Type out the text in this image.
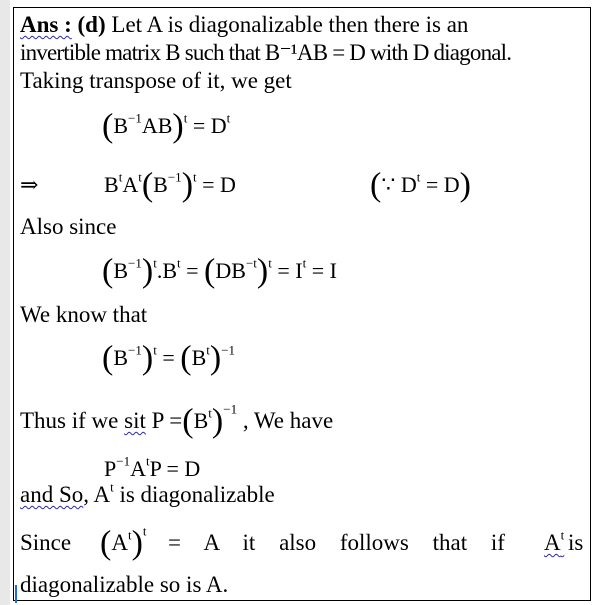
Ans : (d) Let A is diagonalizable then there is an
invertible matrix B such that B⁻¹AB = D with D diagonal.
Taking transpose of it, we get
$(B^{-1}AB)^t = D^t$
⇒	$B^tA^t(B^{-1})^t = D$	(∵ $D^t = D$)
Also since
$(B^{-1})^t.B^t = (DB^{-t})^t = I^t = I$
We know that
$(B^{-1})^t = (B^t)^{-1}$
Thus if we sit $P =(B^t)^{-1}$ , We have
$P^{-1}A^tP = D$
and So, $A^t$ is diagonalizable
Since $(A^t)^t = A$ it also follows that if $A^t$ is
diagonalizable so is A.
